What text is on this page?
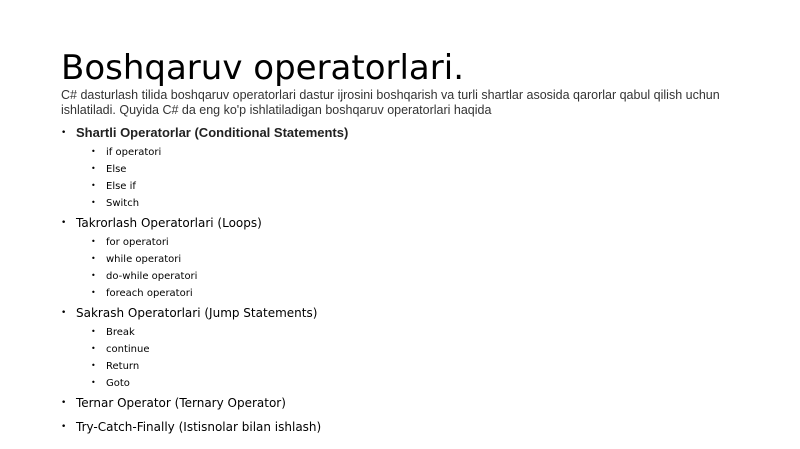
Boshqaruv operatorlari.

C# dasturlash tilida boshqaruv operatorlari dastur ijrosini boshqarish va turli shartlar asosida qarorlar qabul qilish uchun ishlatiladi. Quyida C# da eng ko'p ishlatiladigan boshqaruv operatorlari haqida

• Shartli Operatorlar (Conditional Statements)
• if operatori
• Else
• Else if
• Switch
• Takrorlash Operatorlari (Loops)
• for operatori
• while operatori
• do-while operatori
• foreach operatori
• Sakrash Operatorlari (Jump Statements)
• Break
• continue
• Return
• Goto
• Ternar Operator (Ternary Operator)
• Try-Catch-Finally (Istisnolar bilan ishlash)
